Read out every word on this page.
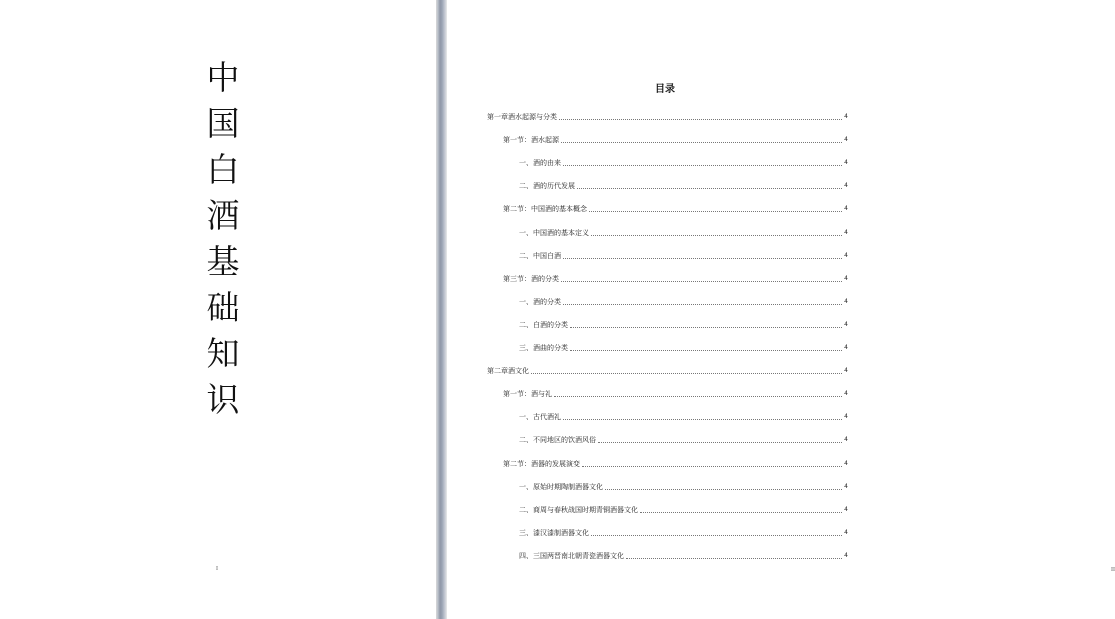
中
国
白
酒
基
础
知
识
I	II
目录
第一章酒水起源与分类	4
第一节：酒水起源	4
一、酒的由来	4
二、酒的历代发展	4
第二节：中国酒的基本概念	4
一、中国酒的基本定义	4
二、中国白酒	4
第三节：酒的分类	4
一、酒的分类	4
二、白酒的分类	4
三、酒曲的分类	4
第二章酒文化	4
第一节：酒与礼	4
一、古代酒礼	4
二、不同地区的饮酒风俗	4
第二节：酒器的发展演变	4
一、原始时期陶制酒器文化	4
二、商周与春秋战国时期青铜酒器文化	4
三、漆汉漆制酒器文化	4
四、三国两晋南北朝青瓷酒器文化	4
